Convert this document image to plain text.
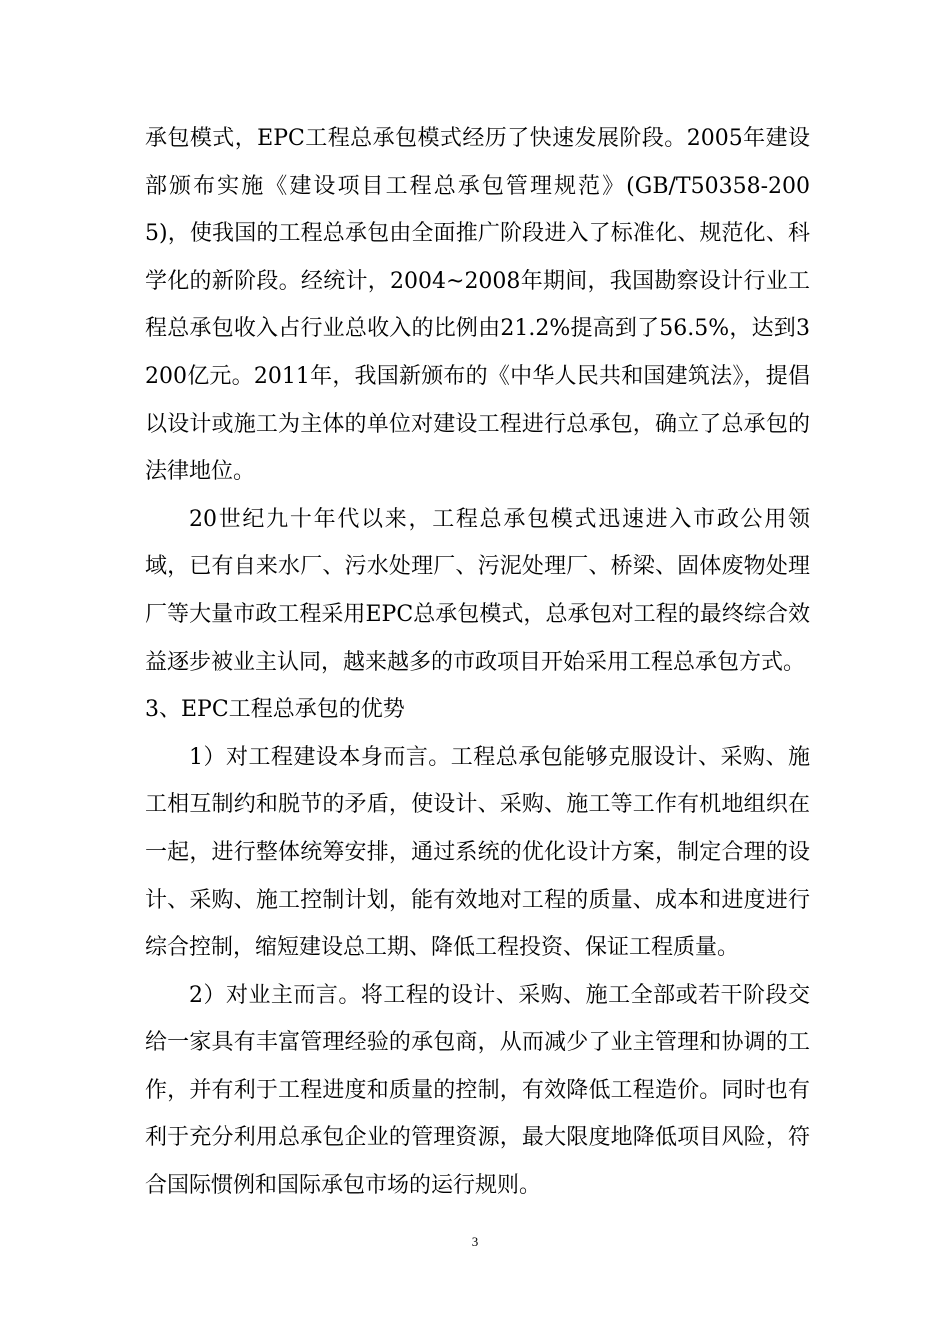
承包模式，EPC工程总承包模式经历了快速发展阶段。2005年建设部颁布实施《建设项目工程总承包管理规范》(GB/T50358-2005)，使我国的工程总承包由全面推广阶段进入了标准化、规范化、科学化的新阶段。经统计，2004~2008年期间，我国勘察设计行业工程总承包收入占行业总收入的比例由21.2%提高到了56.5%，达到3200亿元。2011年，我国新颁布的《中华人民共和国建筑法》，提倡以设计或施工为主体的单位对建设工程进行总承包，确立了总承包的法律地位。

20世纪九十年代以来，工程总承包模式迅速进入市政公用领域，已有自来水厂、污水处理厂、污泥处理厂、桥梁、固体废物处理厂等大量市政工程采用EPC总承包模式，总承包对工程的最终综合效益逐步被业主认同，越来越多的市政项目开始采用工程总承包方式。

3、EPC工程总承包的优势

1）对工程建设本身而言。工程总承包能够克服设计、采购、施工相互制约和脱节的矛盾，使设计、采购、施工等工作有机地组织在一起，进行整体统筹安排，通过系统的优化设计方案，制定合理的设计、采购、施工控制计划，能有效地对工程的质量、成本和进度进行综合控制，缩短建设总工期、降低工程投资、保证工程质量。

2）对业主而言。将工程的设计、采购、施工全部或若干阶段交给一家具有丰富管理经验的承包商，从而减少了业主管理和协调的工作，并有利于工程进度和质量的控制，有效降低工程造价。同时也有利于充分利用总承包企业的管理资源，最大限度地降低项目风险，符合国际惯例和国际承包市场的运行规则。

3
